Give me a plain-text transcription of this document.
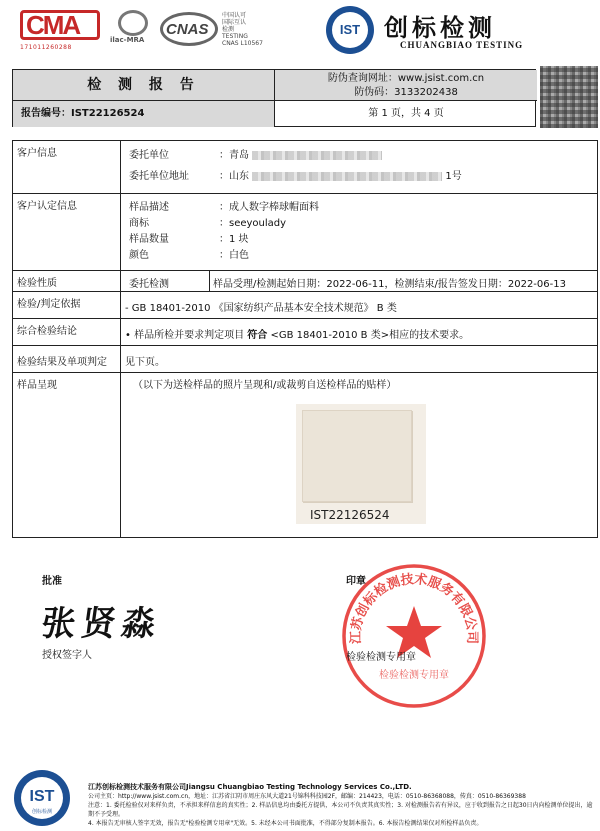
CMA
171011260288
ilac-MRA
CNAS
中国认可
国际互认
检测
TESTING
CNAS L10567
IST 创标检测
CHUANGBIAO TESTING
检 测 报 告	防伪查询网址：www.jsist.com.cn
防伪码：3133202438
报告编号：IST22126524	第 1 页，共 4 页
客户信息	委托单位	：青岛
委托单位地址	：山东	1号
客户认定信息	样品描述	：成人数字棒球帽面料
商标	：seeyoulady
样品数量	：1 块
颜色	：白色
检验性质	委托检测	样品受理/检测起始日期：2022-06-11，检测结束/报告签发日期：2022-06-13
检验/判定依据	- GB 18401-2010 《国家纺织产品基本安全技术规范》 B 类
综合检验结论	• 样品所检并要求判定项目 符合 <GB 18401-2010 B 类>相应的技术要求。
检验结果及单项判定	见下页。
样品呈现	（以下为送检样品的照片呈现和/或裁剪自送检样品的贴样）
IST22126524
批准
张贤淼
授权签字人
印章
江苏创标检测技术服务有限公司
检验检测专用章
检验检测专用章
IST
创标检测
江苏创标检测技术服务有限公司Jiangsu Chuangbiao Testing Technology Services Co.,LTD.
公司主页：http://www.jsist.com.cn，地址：江苏省江阴市周庄东风大道21号锦科科技园2F，邮编：214423，电话：0510-86368088，传真：0510-86369388
注意：1. 委托检验仅对来样负责，不承担来样信息的真实性；2. 样品信息均由委托方提供，本公司不负责其真实性；3. 对检测报告若有异议，应于收到报告之日起30日内向检测单位提出，逾期不予受理。
4. 本报告无审核人签字无效，报告无"检验检测专用章"无效。5. 未经本公司书面批准，不得部分复制本报告。6. 本报告检测结果仅对所检样品负责。
